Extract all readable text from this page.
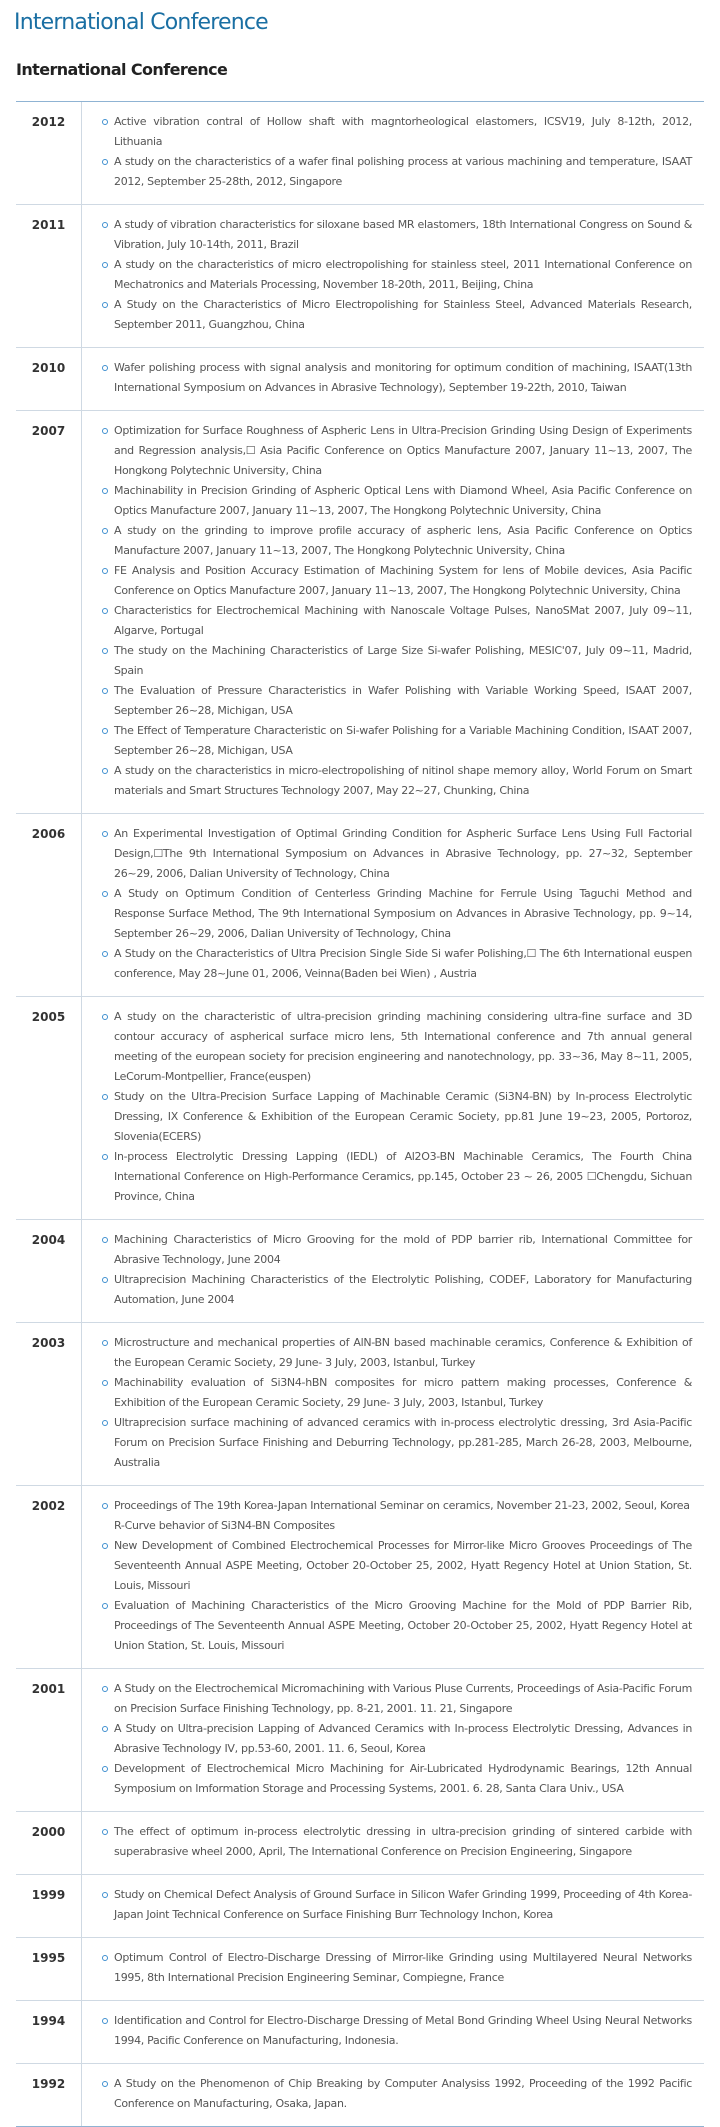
International Conference
International Conference
2012	Active vibration contral of Hollow shaft with magntorheological elastomers, ICSV19, July 8-12th, 2012, Lithuania
A study on the characteristics of a wafer final polishing process at various machining and temperature, ISAAT 2012, September 25-28th, 2012, Singapore
2011	A study of vibration characteristics for siloxane based MR elastomers, 18th International Congress on Sound & Vibration, July 10-14th, 2011, Brazil
A study on the characteristics of micro electropolishing for stainless steel, 2011 International Conference on Mechatronics and Materials Processing, November 18-20th, 2011, Beijing, China
A Study on the Characteristics of Micro Electropolishing for Stainless Steel, Advanced Materials Research, September 2011, Guangzhou, China
2010	Wafer polishing process with signal analysis and monitoring for optimum condition of machining, ISAAT(13th International Symposium on Advances in Abrasive Technology), September 19-22th, 2010, Taiwan
2007	Optimization for Surface Roughness of Aspheric Lens in Ultra-Precision Grinding Using Design of Experiments and Regression analysis,☐ Asia Pacific Conference on Optics Manufacture 2007, January 11~13, 2007, The Hongkong Polytechnic University, China
Machinability in Precision Grinding of Aspheric Optical Lens with Diamond Wheel, Asia Pacific Conference on Optics Manufacture 2007, January 11~13, 2007, The Hongkong Polytechnic University, China
A study on the grinding to improve profile accuracy of aspheric lens, Asia Pacific Conference on Optics Manufacture 2007, January 11~13, 2007, The Hongkong Polytechnic University, China
FE Analysis and Position Accuracy Estimation of Machining System for lens of Mobile devices, Asia Pacific Conference on Optics Manufacture 2007, January 11~13, 2007, The Hongkong Polytechnic University, China
Characteristics for Electrochemical Machining with Nanoscale Voltage Pulses, NanoSMat 2007, July 09~11, Algarve, Portugal
The study on the Machining Characteristics of Large Size Si-wafer Polishing, MESIC'07, July 09~11, Madrid, Spain
The Evaluation of Pressure Characteristics in Wafer Polishing with Variable Working Speed, ISAAT 2007, September 26~28, Michigan, USA
The Effect of Temperature Characteristic on Si-wafer Polishing for a Variable Machining Condition, ISAAT 2007, September 26~28, Michigan, USA
A study on the characteristics in micro-electropolishing of nitinol shape memory alloy, World Forum on Smart materials and Smart Structures Technology 2007, May 22~27, Chunking, China
2006	An Experimental Investigation of Optimal Grinding Condition for Aspheric Surface Lens Using Full Factorial Design,☐The 9th International Symposium on Advances in Abrasive Technology, pp. 27~32, September 26~29, 2006, Dalian University of Technology, China
A Study on Optimum Condition of Centerless Grinding Machine for Ferrule Using Taguchi Method and Response Surface Method, The 9th International Symposium on Advances in Abrasive Technology, pp. 9~14, September 26~29, 2006, Dalian University of Technology, China
A Study on the Characteristics of Ultra Precision Single Side Si wafer Polishing,☐ The 6th International euspen conference, May 28~June 01, 2006, Veinna(Baden bei Wien) , Austria
2005	A study on the characteristic of ultra-precision grinding machining considering ultra-fine surface and 3D contour accuracy of aspherical surface micro lens, 5th International conference and 7th annual general meeting of the european society for precision engineering and nanotechnology, pp. 33~36, May 8~11, 2005, LeCorum-Montpellier, France(euspen)
Study on the Ultra-Precision Surface Lapping of Machinable Ceramic (Si3N4-BN) by In-process Electrolytic Dressing, IX Conference & Exhibition of the European Ceramic Society, pp.81 June 19~23, 2005, Portoroz, Slovenia(ECERS)
In-process Electrolytic Dressing Lapping (IEDL) of Al2O3-BN Machinable Ceramics, The Fourth China International Conference on High-Performance Ceramics, pp.145, October 23 ~ 26, 2005 ☐Chengdu, Sichuan Province, China
2004	Machining Characteristics of Micro Grooving for the mold of PDP barrier rib, International Committee for Abrasive Technology, June 2004
Ultraprecision Machining Characteristics of the Electrolytic Polishing, CODEF, Laboratory for Manufacturing Automation, June 2004
2003	Microstructure and mechanical properties of AlN-BN based machinable ceramics, Conference & Exhibition of the European Ceramic Society, 29 June- 3 July, 2003, Istanbul, Turkey
Machinability evaluation of Si3N4-hBN composites for micro pattern making processes, Conference & Exhibition of the European Ceramic Society, 29 June- 3 July, 2003, Istanbul, Turkey
Ultraprecision surface machining of advanced ceramics with in-process electrolytic dressing, 3rd Asia-Pacific Forum on Precision Surface Finishing and Deburring Technology, pp.281-285, March 26-28, 2003, Melbourne, Australia
2002	Proceedings of The 19th Korea-Japan International Seminar on ceramics, November 21-23, 2002, Seoul, Korea
R-Curve behavior of Si3N4-BN Composites
New Development of Combined Electrochemical Processes for Mirror-like Micro Grooves Proceedings of The Seventeenth Annual ASPE Meeting, October 20-October 25, 2002, Hyatt Regency Hotel at Union Station, St. Louis, Missouri
Evaluation of Machining Characteristics of the Micro Grooving Machine for the Mold of PDP Barrier Rib, Proceedings of The Seventeenth Annual ASPE Meeting, October 20-October 25, 2002, Hyatt Regency Hotel at Union Station, St. Louis, Missouri
2001	A Study on the Electrochemical Micromachining with Various Pluse Currents, Proceedings of Asia-Pacific Forum on Precision Surface Finishing Technology, pp. 8-21, 2001. 11. 21, Singapore
A Study on Ultra-precision Lapping of Advanced Ceramics with In-process Electrolytic Dressing, Advances in Abrasive Technology IV, pp.53-60, 2001. 11. 6, Seoul, Korea
Development of Electrochemical Micro Machining for Air-Lubricated Hydrodynamic Bearings, 12th Annual Symposium on Imformation Storage and Processing Systems, 2001. 6. 28, Santa Clara Univ., USA
2000	The effect of optimum in-process electrolytic dressing in ultra-precision grinding of sintered carbide with superabrasive wheel 2000, April, The International Conference on Precision Engineering, Singapore
1999	Study on Chemical Defect Analysis of Ground Surface in Silicon Wafer Grinding 1999, Proceeding of 4th Korea-Japan Joint Technical Conference on Surface Finishing Burr Technology Inchon, Korea
1995	Optimum Control of Electro-Discharge Dressing of Mirror-like Grinding using Multilayered Neural Networks 1995, 8th International Precision Engineering Seminar, Compiegne, France
1994	Identification and Control for Electro-Discharge Dressing of Metal Bond Grinding Wheel Using Neural Networks 1994, Pacific Conference on Manufacturing, Indonesia.
1992	A Study on the Phenomenon of Chip Breaking by Computer Analysiss 1992, Proceeding of the 1992 Pacific Conference on Manufacturing, Osaka, Japan.
